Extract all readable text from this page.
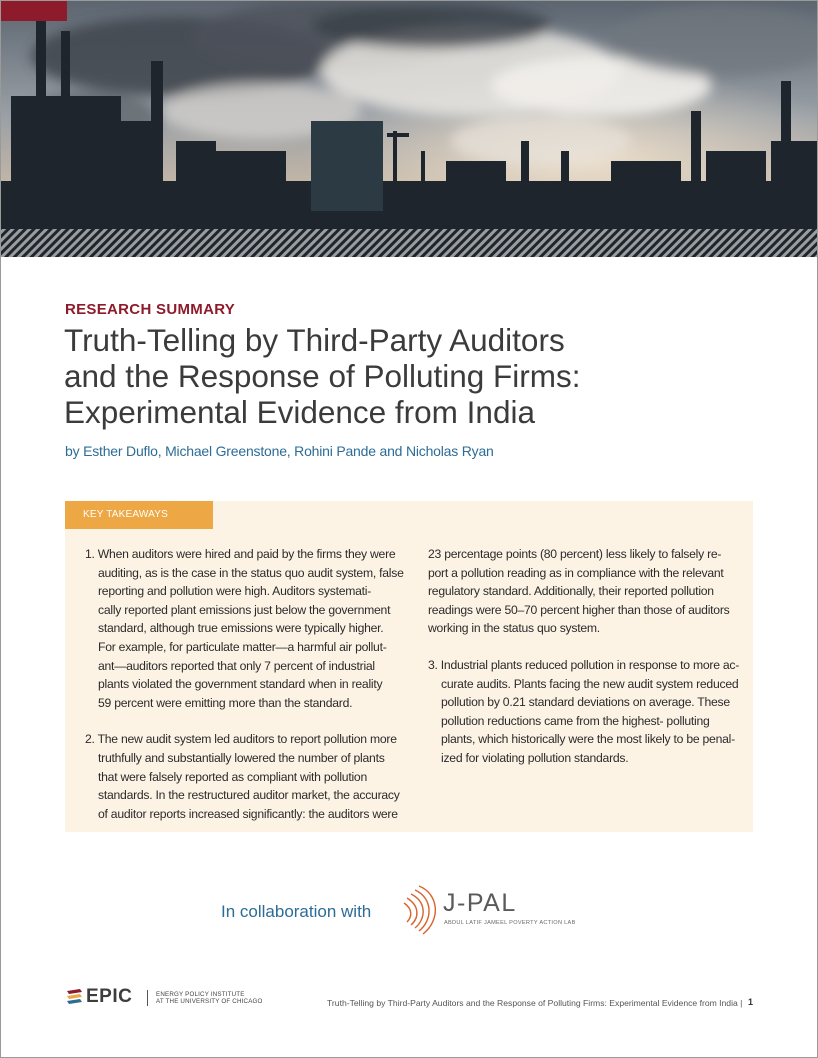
RESEARCH SUMMARY
Truth-Telling by Third-Party Auditors
and the Response of Polluting Firms:
Experimental Evidence from India
by Esther Duflo, Michael Greenstone, Rohini Pande and Nicholas Ryan
KEY TAKEAWAYS
1. When auditors were hired and paid by the firms they were
auditing, as is the case in the status quo audit system, false
reporting and pollution were high. Auditors systemati-
cally reported plant emissions just below the government
standard, although true emissions were typically higher.
For example, for particulate matter—a harmful air pollut-
ant—auditors reported that only 7 percent of industrial
plants violated the government standard when in reality
59 percent were emitting more than the standard.
2. The new audit system led auditors to report pollution more
truthfully and substantially lowered the number of plants
that were falsely reported as compliant with pollution
standards. In the restructured auditor market, the accuracy
of auditor reports increased significantly: the auditors were
23 percentage points (80 percent) less likely to falsely re-
port a pollution reading as in compliance with the relevant
regulatory standard. Additionally, their reported pollution
readings were 50–70 percent higher than those of auditors
working in the status quo system.
3. Industrial plants reduced pollution in response to more ac-
curate audits. Plants facing the new audit system reduced
pollution by 0.21 standard deviations on average. These
pollution reductions came from the highest- polluting
plants, which historically were the most likely to be penal-
ized for violating pollution standards.
In collaboration with	J-PAL
ABDUL LATIF JAMEEL POVERTY ACTION LAB
EPIC	ENERGY POLICY INSTITUTE
AT THE UNIVERSITY OF CHICAGO	Truth-Telling by Third-Party Auditors and the Response of Polluting Firms: Experimental Evidence from India | 1
